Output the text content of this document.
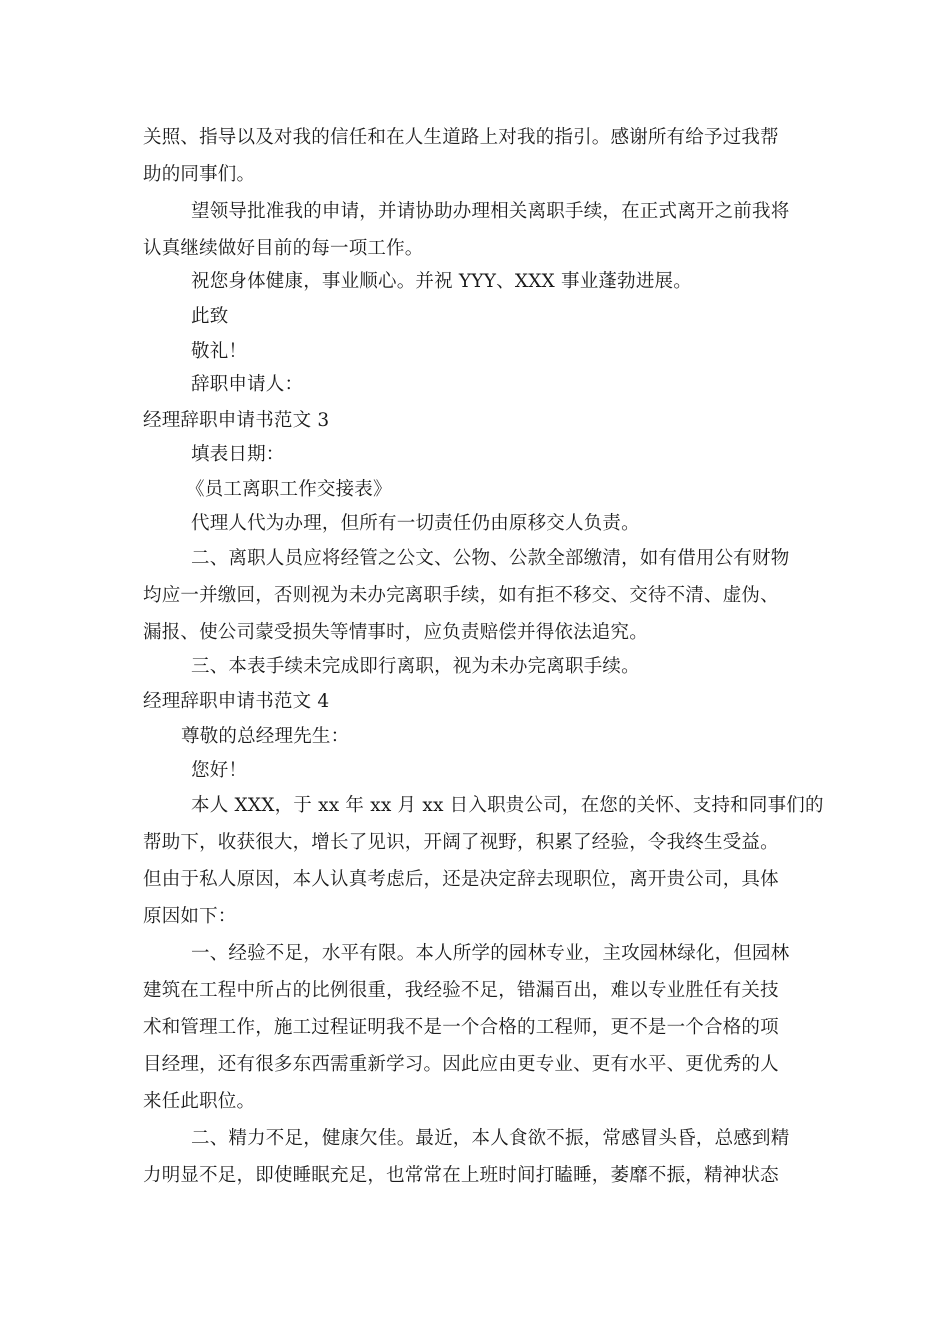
关照、指导以及对我的信任和在人生道路上对我的指引。感谢所有给予过我帮
助的同事们。
望领导批准我的申请，并请协助办理相关离职手续，在正式离开之前我将
认真继续做好目前的每一项工作。
祝您身体健康，事业顺心。并祝 YYY、XXX 事业蓬勃进展。
此致
敬礼！
辞职申请人：
经理辞职申请书范文 3
填表日期：
《员工离职工作交接表》
代理人代为办理，但所有一切责任仍由原移交人负责。
二、离职人员应将经管之公文、公物、公款全部缴清，如有借用公有财物
均应一并缴回，否则视为未办完离职手续，如有拒不移交、交待不清、虚伪、
漏报、使公司蒙受损失等情事时，应负责赔偿并得依法追究。
三、本表手续未完成即行离职，视为未办完离职手续。
经理辞职申请书范文 4
尊敬的总经理先生：
您好！
本人 XXX，于 xx 年 xx 月 xx 日入职贵公司，在您的关怀、支持和同事们的
帮助下，收获很大，增长了见识，开阔了视野，积累了经验，令我终生受益。
但由于私人原因，本人认真考虑后，还是决定辞去现职位，离开贵公司，具体
原因如下：
一、经验不足，水平有限。本人所学的园林专业，主攻园林绿化，但园林
建筑在工程中所占的比例很重，我经验不足，错漏百出，难以专业胜任有关技
术和管理工作，施工过程证明我不是一个合格的工程师，更不是一个合格的项
目经理，还有很多东西需重新学习。因此应由更专业、更有水平、更优秀的人
来任此职位。
二、精力不足，健康欠佳。最近，本人食欲不振，常感冒头昏，总感到精
力明显不足，即使睡眠充足，也常常在上班时间打瞌睡，萎靡不振，精神状态
